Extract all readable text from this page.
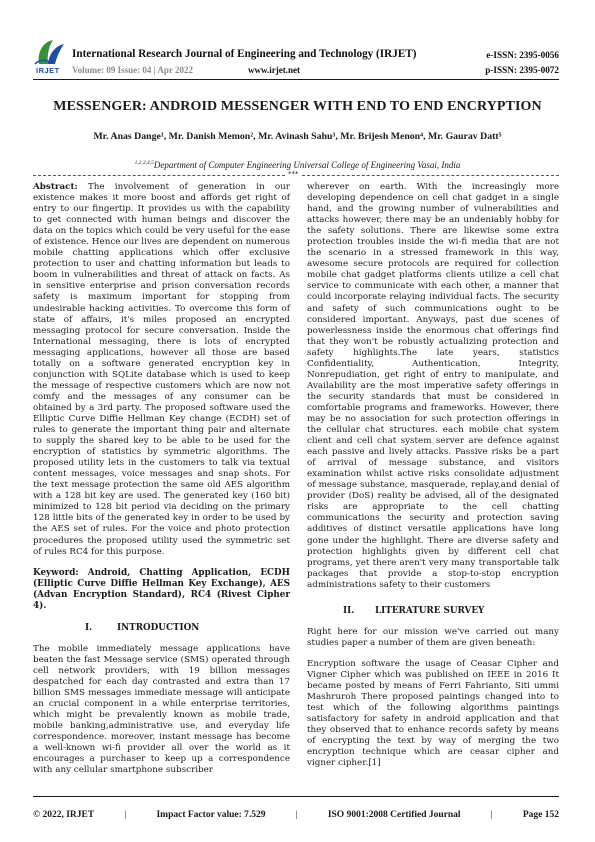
IRJET
International Research Journal of Engineering and Technology (IRJET)
Volume: 09 Issue: 04 | Apr 2022	www.irjet.net
e-ISSN: 2395-0056
p-ISSN: 2395-0072
MESSENGER: ANDROID MESSENGER WITH END TO END ENCRYPTION
Mr. Anas Dange¹, Mr. Danish Memon², Mr. Avinash Sahu³, Mr. Brijesh Menon⁴, Mr. Gaurav Datt⁵
$^{1,2,3,4,5}$Department of Computer Engineering Universal College of Engineering Vasai, India
***

Abstract: The involvement of generation in our existence makes it more boost and affords get right of entry to our fingertip. It provides us with the capability to get connected with human beings and discover the data on the topics which could be very useful for the ease of existence. Hence our lives are dependent on numerous mobile chatting applications which offer exclusive protection to user and chatting information but leads to boom in vulnerabilities and threat of attack on facts. As in sensitive enterprise and prison conversation records safety is maximum important for stopping from undesirable hacking activities. To overcome this form of state of affairs, it's miles proposed an encrypted messaging protocol for secure conversation. Inside the International messaging, there is lots of encrypted messaging applications, however all those are based totally on a software generated encryption key in conjunction with SQLite database which is used to keep the message of respective customers which are now not comfy and the messages of any consumer can be obtained by a 3rd party. The proposed software used the Elliptic Curve Diffie Hellman Key change (ECDH) set of rules to generate the important thing pair and alternate to supply the shared key to be able to be used for the encryption of statistics by symmetric algorithms. The proposed utility lets in the customers to talk via textual content messages, voice messages and snap shots. For the text message protection the same old AES algorithm with a 128 bit key are used. The generated key (160 bit) minimized to 128 bit period via deciding on the primary 128 little bits of the generated key in order to be used by the AES set of rules. For the voice and photo protection procedures the proposed utility used the symmetric set of rules RC4 for this purpose.

Keyword: Android, Chatting Application, ECDH (Elliptic Curve Diffie Hellman Key Exchange), AES (Advan Encryption Standard), RC4 (Rivest Cipher 4).

I.	INTRODUCTION

The mobile immediately message applications have beaten the fast Message service (SMS) operated through cell network providers, with 19 billion messages despatched for each day contrasted and extra than 17 billion SMS messages immediate message will anticipate an crucial component in a while enterprise territories, which might be prevalently known as mobile trade, mobile banking,administrative use, and everyday life correspondence. moreover, instant message has become a well-known wi-fi provider all over the world as it encourages a purchaser to keep up a correspondence with any cellular smartphone subscriber

wherever on earth. With the increasingly more developing dependence on cell chat gadget in a single hand, and the growing number of vulnerabilities and attacks however, there may be an undeniably hobby for the safety solutions. There are likewise some extra protection troubles inside the wi-fi media that are not the scenario in a stressed framework in this way, awesome secure protocols are required for collection mobile chat gadget platforms clients utilize a cell chat service to communicate with each other, a manner that could incorporate relaying individual facts. The security and safety of such communications ought to be considered important. Anyways, past due scenes of powerlessness inside the enormous chat offerings find that they won't be robustly actualizing protection and safety highlights.The late years, statistics Confidentiality, Authentication, Integrity, Nonrepudiation, get right of entry to manipulate, and Availability are the most imperative safety offerings in the security standards that must be considered in comfortable programs and frameworks. However, there may be no association for such protection offerings in the cellular chat structures. each mobile chat system client and cell chat system server are defence against each passive and lively attacks. Passive risks be a part of arrival of message substance, and visitors examination whilst active risks consolidate adjustment of message substance, masquerade, replay,and denial of provider (DoS) reality be advised, all of the designated risks are appropriate to the cell chatting communications the security and protection saving additives of distinct versatile applications have long gone under the highlight. There are diverse safety and protection highlights given by different cell chat programs, yet there aren't very many transportable talk packages that provide a stop-to-stop encryption administrations safety to their customers

II.	LITERATURE SURVEY

Right here for our mission we've carried out many studies paper a number of them are given beneath:

Encryption software the usage of Ceasar Cipher and Vigner Cipher which was published on IEEE in 2016 It became posted by means of Ferri Fahrianto, Siti ummi Mashruroh There proposed paintings changed into to test which of the following algorithms paintings satisfactory for safety in android application and that they observed that to enhance records safety by means of encrypting the text by way of merging the two encryption technique which are ceasar cipher and vigner cipher.[1]

© 2022, IRJET	|	Impact Factor value: 7.529	|	ISO 9001:2008 Certified Journal	|	Page 152
